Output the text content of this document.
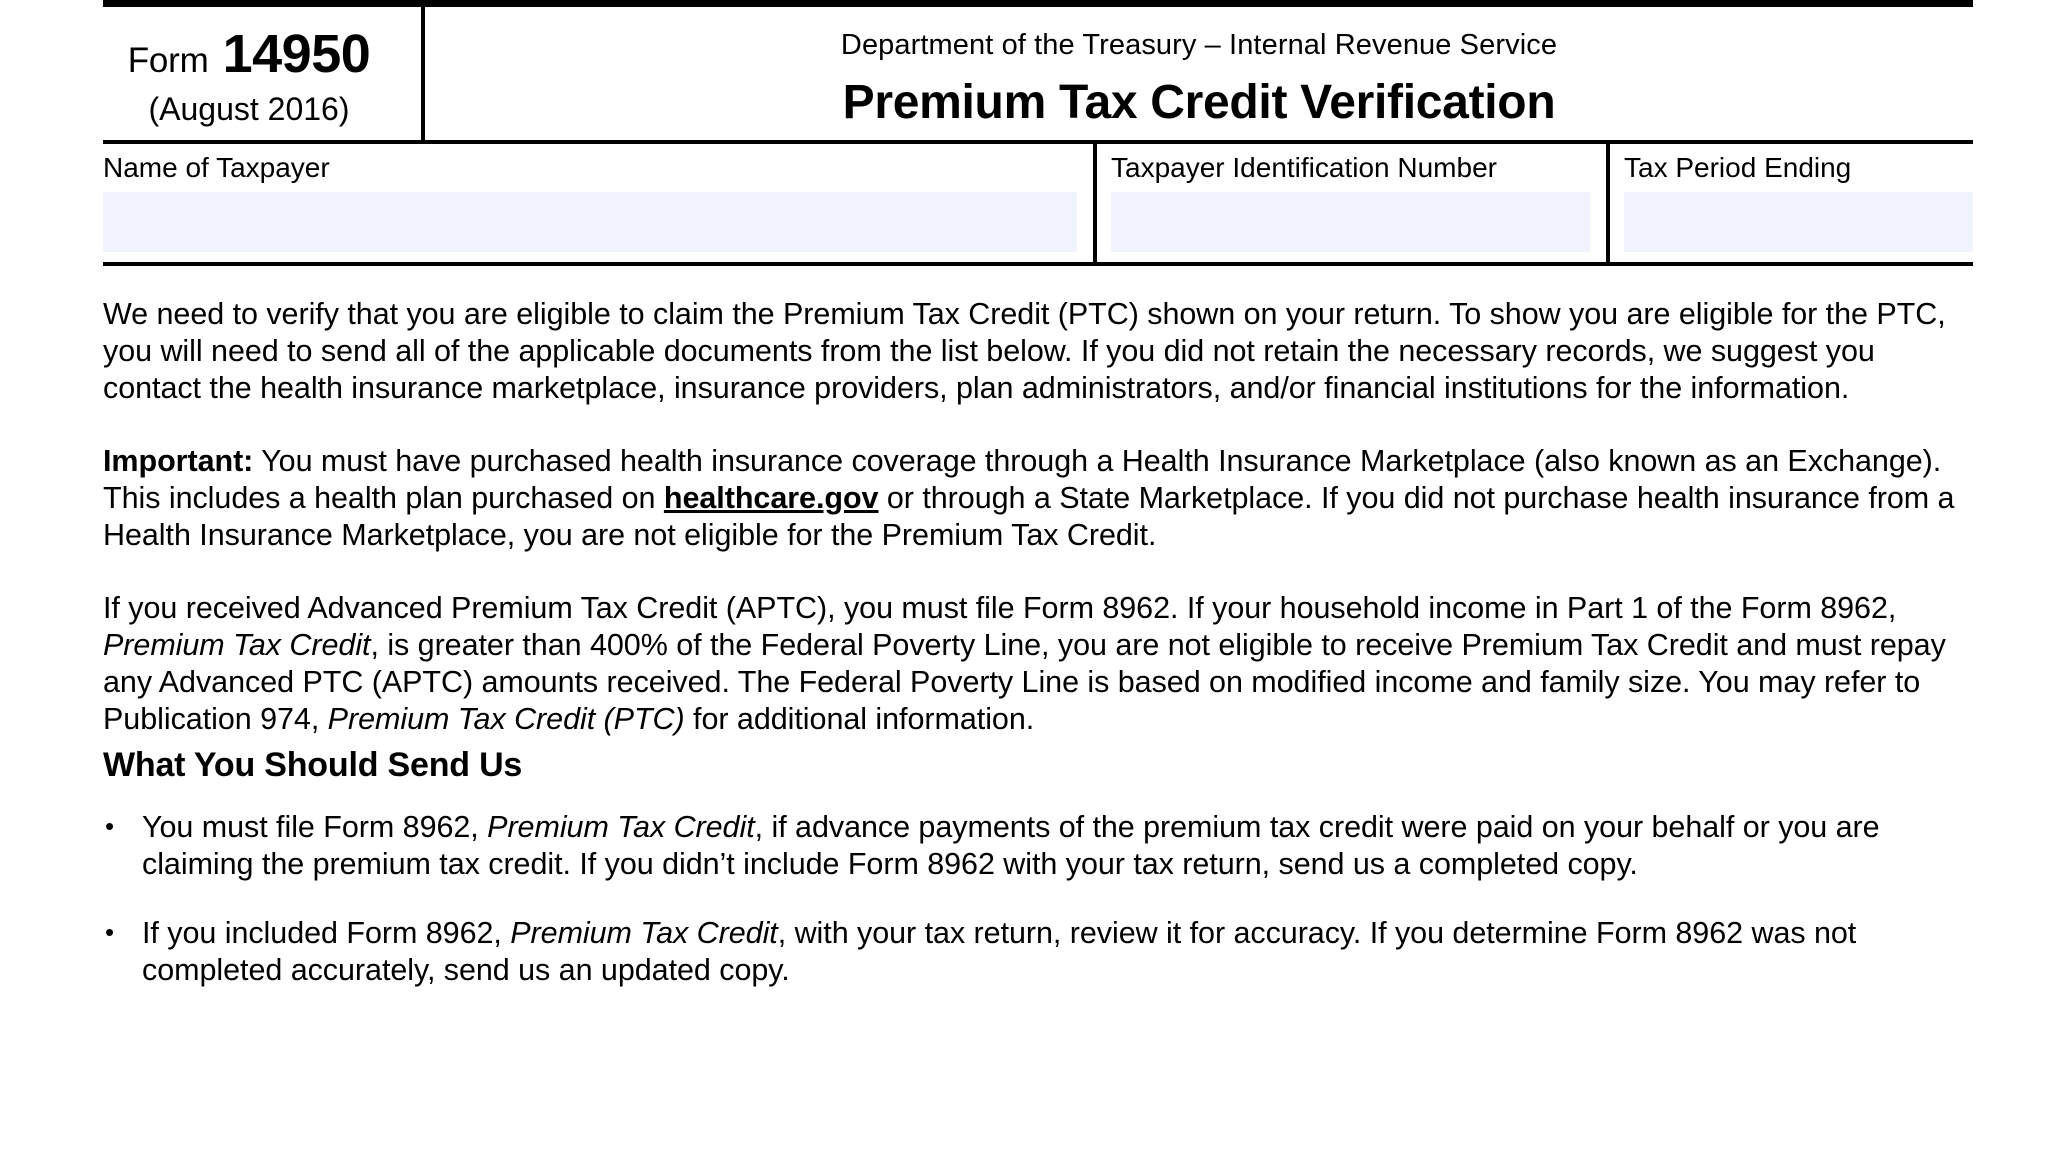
Form 14950
(August 2016)
Department of the Treasury – Internal Revenue Service
Premium Tax Credit Verification
Name of Taxpayer	Taxpayer Identification Number	Tax Period Ending

We need to verify that you are eligible to claim the Premium Tax Credit (PTC) shown on your return. To show you are eligible for the PTC, you will need to send all of the applicable documents from the list below. If you did not retain the necessary records, we suggest you contact the health insurance marketplace, insurance providers, plan administrators, and/or financial institutions for the information.

Important: You must have purchased health insurance coverage through a Health Insurance Marketplace (also known as an Exchange). This includes a health plan purchased on healthcare.gov or through a State Marketplace. If you did not purchase health insurance from a Health Insurance Marketplace, you are not eligible for the Premium Tax Credit.

If you received Advanced Premium Tax Credit (APTC), you must file Form 8962. If your household income in Part 1 of the Form 8962, Premium Tax Credit, is greater than 400% of the Federal Poverty Line, you are not eligible to receive Premium Tax Credit and must repay any Advanced PTC (APTC) amounts received. The Federal Poverty Line is based on modified income and family size. You may refer to Publication 974, Premium Tax Credit (PTC) for additional information.

What You Should Send Us
• You must file Form 8962, Premium Tax Credit, if advance payments of the premium tax credit were paid on your behalf or you are claiming the premium tax credit. If you didn’t include Form 8962 with your tax return, send us a completed copy.
• If you included Form 8962, Premium Tax Credit, with your tax return, review it for accuracy. If you determine Form 8962 was not completed accurately, send us an updated copy.
